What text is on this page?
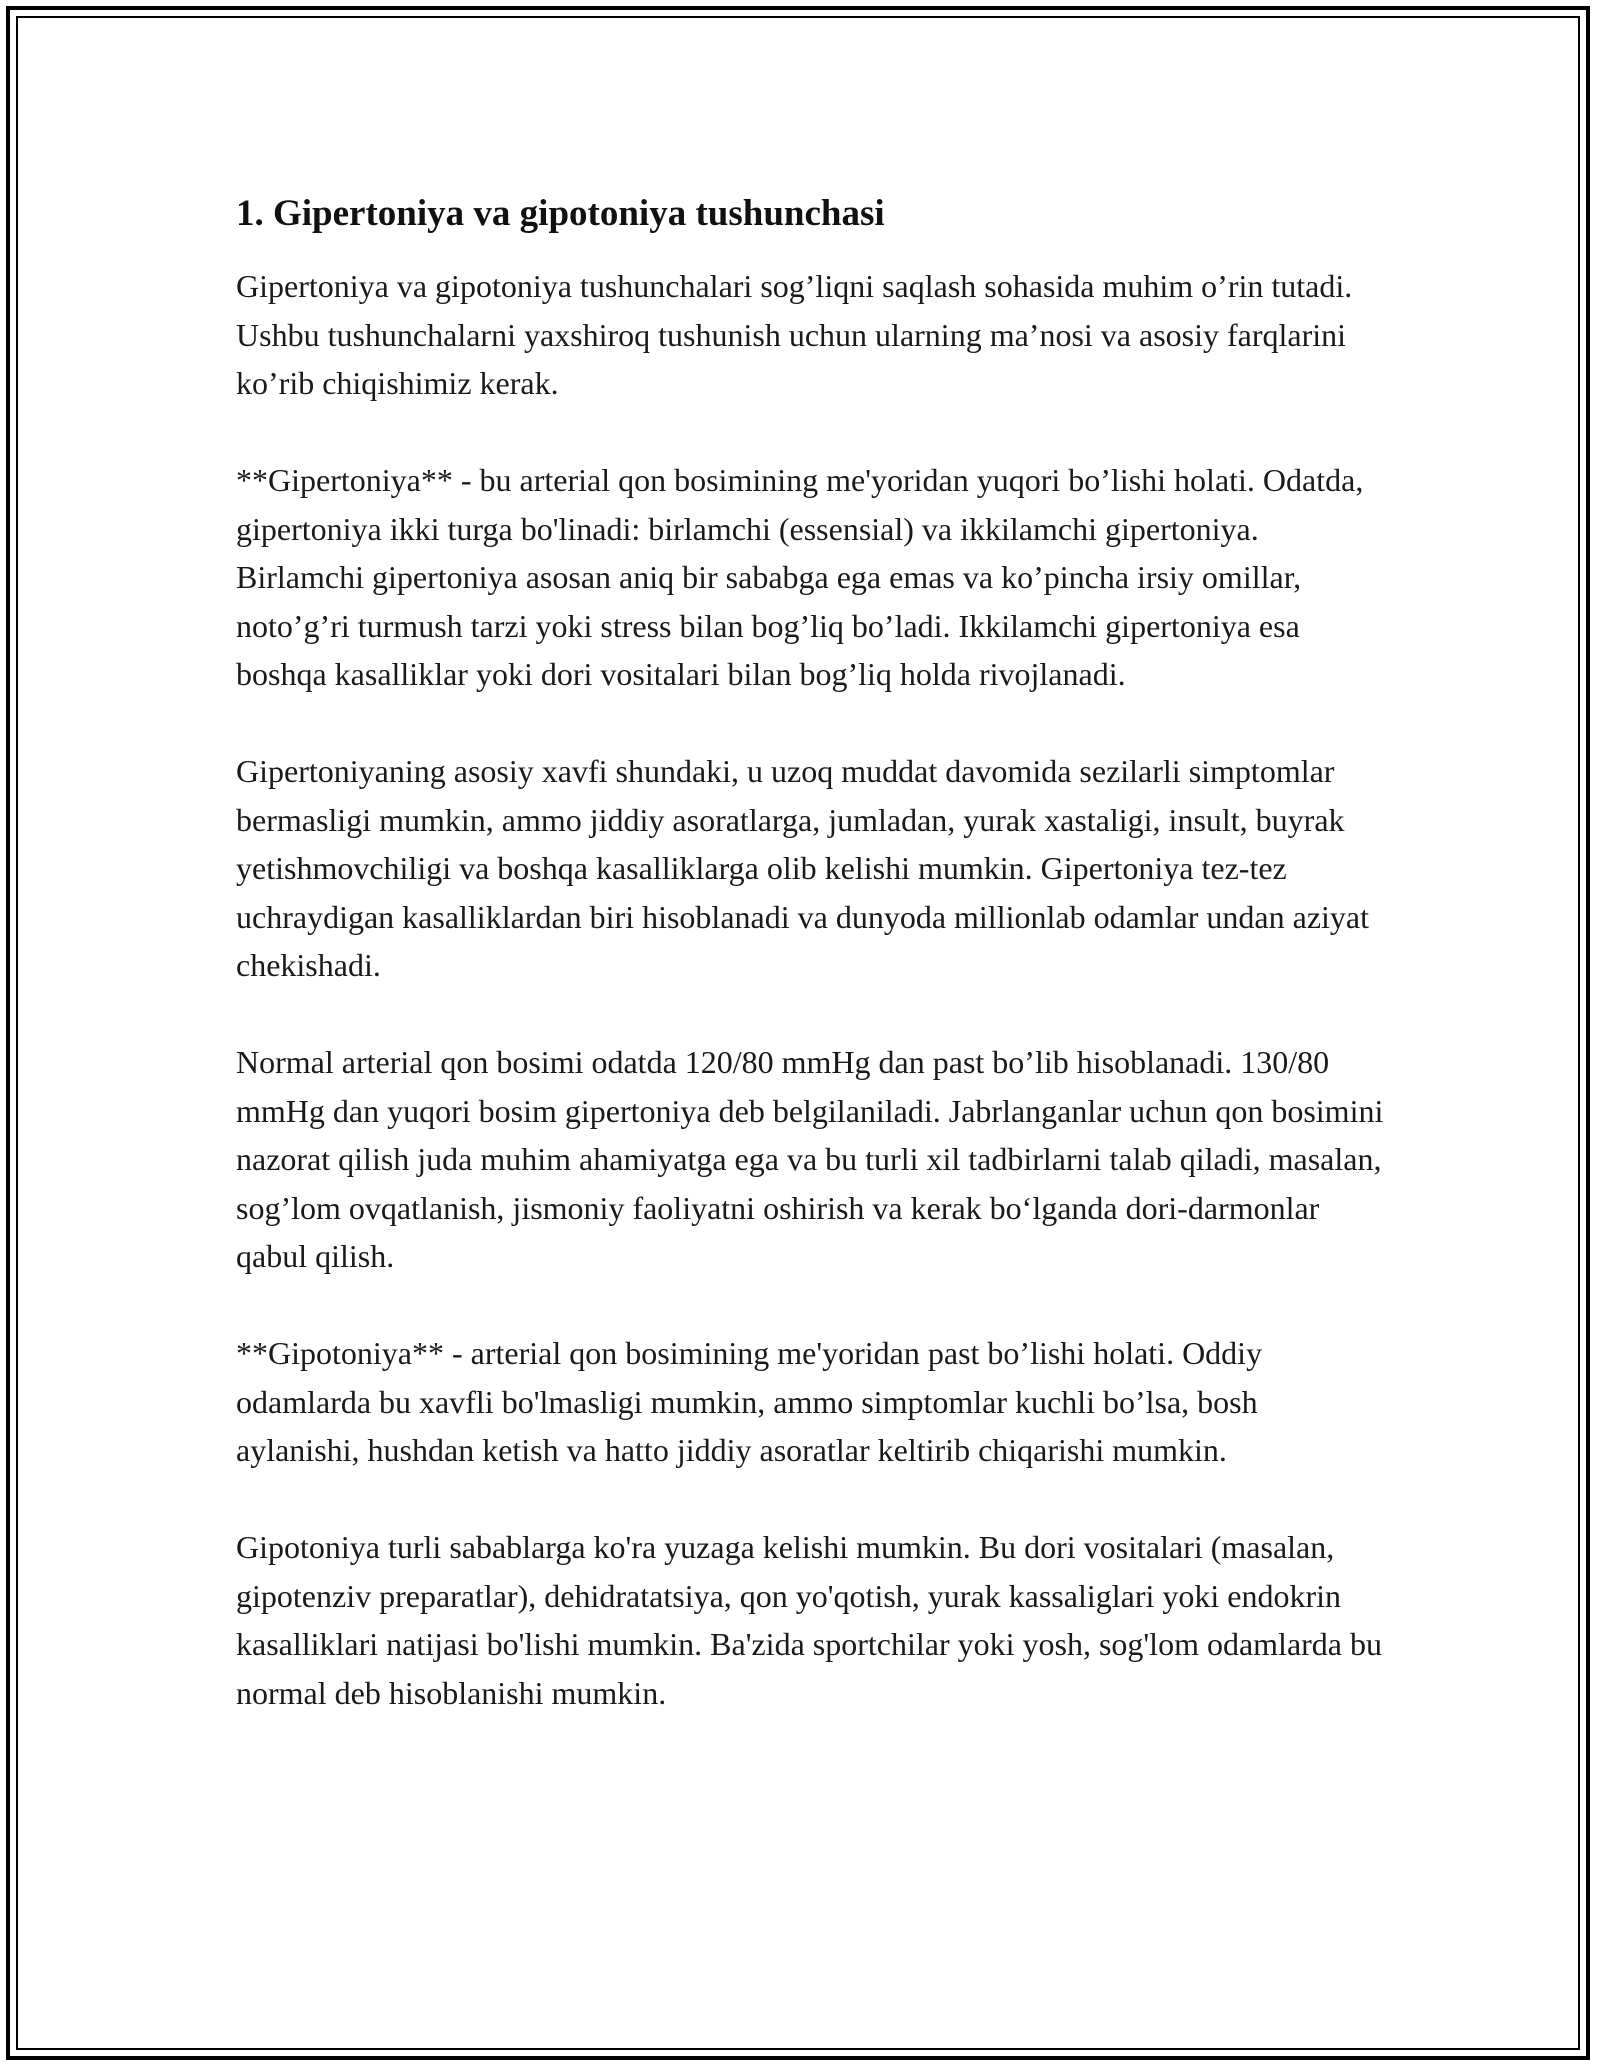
1. Gipertoniya va gipotoniya tushunchasi

Gipertoniya va gipotoniya tushunchalari sog’liqni saqlash sohasida muhim o’rin tutadi. Ushbu tushunchalarni yaxshiroq tushunish uchun ularning ma’nosi va asosiy farqlarini ko’rib chiqishimiz kerak.

**Gipertoniya** - bu arterial qon bosimining me'yoridan yuqori bo’lishi holati. Odatda, gipertoniya ikki turga bo'linadi: birlamchi (essensial) va ikkilamchi gipertoniya. Birlamchi gipertoniya asosan aniq bir sababga ega emas va ko’pincha irsiy omillar, noto’g’ri turmush tarzi yoki stress bilan bog’liq bo’ladi. Ikkilamchi gipertoniya esa boshqa kasalliklar yoki dori vositalari bilan bog’liq holda rivojlanadi.

Gipertoniyaning asosiy xavfi shundaki, u uzoq muddat davomida sezilarli simptomlar bermasligi mumkin, ammo jiddiy asoratlarga, jumladan, yurak xastaligi, insult, buyrak yetishmovchiligi va boshqa kasalliklarga olib kelishi mumkin. Gipertoniya tez-tez uchraydigan kasalliklardan biri hisoblanadi va dunyoda millionlab odamlar undan aziyat chekishadi.

Normal arterial qon bosimi odatda 120/80 mmHg dan past bo’lib hisoblanadi. 130/80 mmHg dan yuqori bosim gipertoniya deb belgilaniladi. Jabrlanganlar uchun qon bosimini nazorat qilish juda muhim ahamiyatga ega va bu turli xil tadbirlarni talab qiladi, masalan, sog’lom ovqatlanish, jismoniy faoliyatni oshirish va kerak bo‘lganda dori-darmonlar qabul qilish.

**Gipotoniya** - arterial qon bosimining me'yoridan past bo’lishi holati. Oddiy odamlarda bu xavfli bo'lmasligi mumkin, ammo simptomlar kuchli bo’lsa, bosh aylanishi, hushdan ketish va hatto jiddiy asoratlar keltirib chiqarishi mumkin.

Gipotoniya turli sabablarga ko'ra yuzaga kelishi mumkin. Bu dori vositalari (masalan, gipotenziv preparatlar), dehidratatsiya, qon yo'qotish, yurak kassaliglari yoki endokrin kasalliklari natijasi bo'lishi mumkin. Ba'zida sportchilar yoki yosh, sog'lom odamlarda bu normal deb hisoblanishi mumkin.
